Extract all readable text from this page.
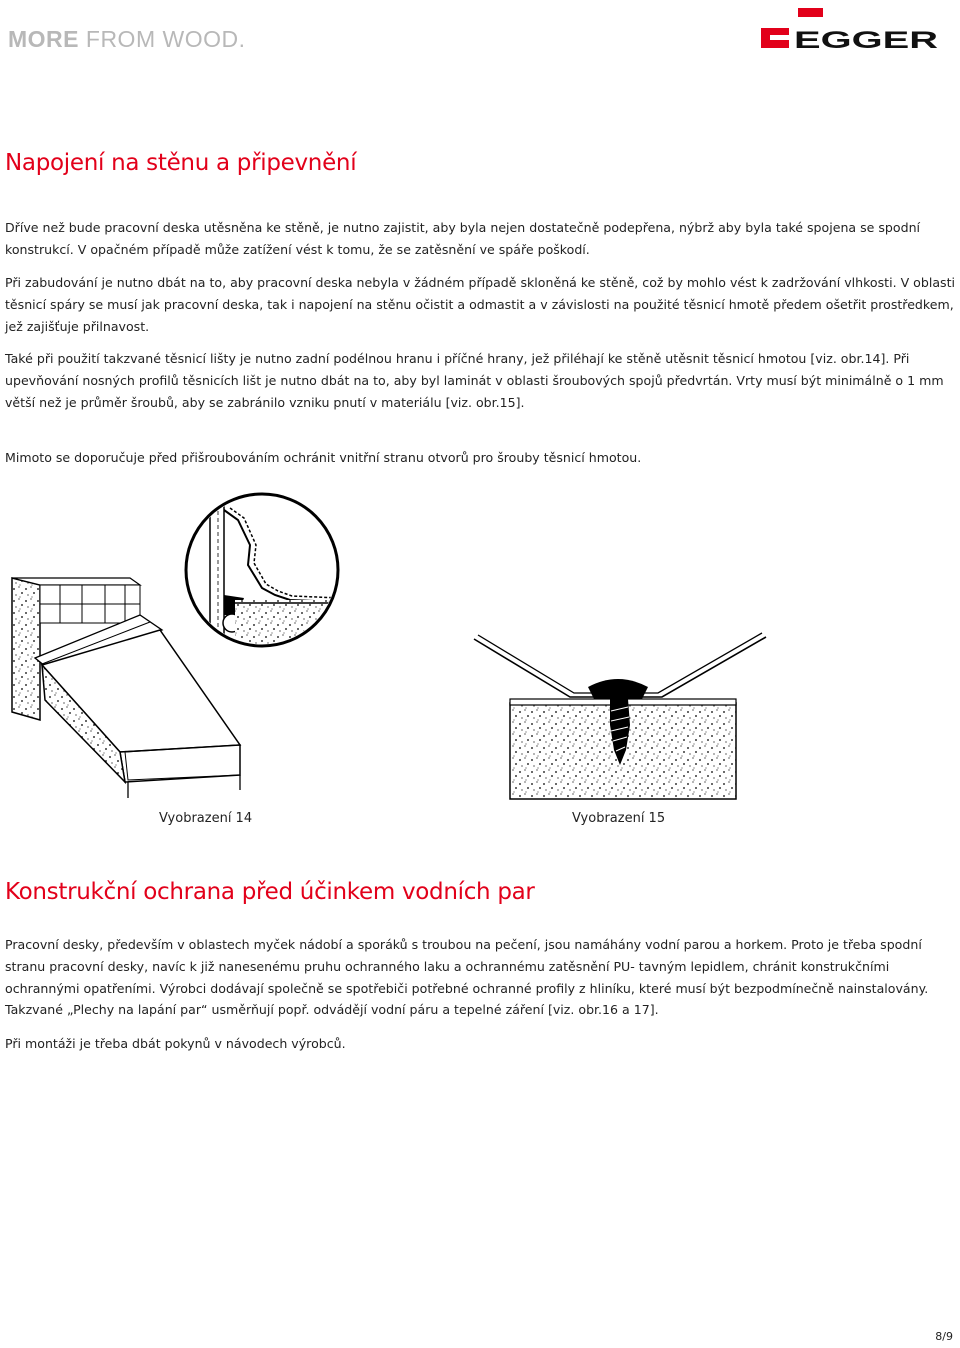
MORE FROM WOOD.	EGGER
Napojení na stěnu a připevnění
Dříve než bude pracovní deska utěsněna ke stěně, je nutno zajistit, aby byla nejen dostatečně podepřena, nýbrž aby byla také spojena se spodní
konstrukcí. V opačném případě může zatížení vést k tomu, že se zatěsnění ve spáře poškodí.
Při zabudování je nutno dbát na to, aby pracovní deska nebyla v žádném případě skloněná ke stěně, což by mohlo vést k zadržování vlhkosti. V oblasti
těsnicí spáry se musí jak pracovní deska, tak i napojení na stěnu očistit a odmastit a v závislosti na použité těsnicí hmotě předem ošetřit prostředkem,
jež zajišťuje přilnavost.
Také při použití takzvané těsnicí lišty je nutno zadní podélnou hranu i příčné hrany, jež přiléhají ke stěně utěsnit těsnicí hmotou [viz. obr.14]. Při
upevňování nosných profilů těsnicích lišt je nutno dbát na to, aby byl laminát v oblasti šroubových spojů předvrtán. Vrty musí být minimálně o 1 mm
větší než je průměr šroubů, aby se zabránilo vzniku pnutí v materiálu [viz. obr.15].
Mimoto se doporučuje před přišroubováním ochránit vnitřní stranu otvorů pro šrouby těsnicí hmotou.
Vyobrazení 14	Vyobrazení 15
Konstrukční ochrana před účinkem vodních par
Pracovní desky, především v oblastech myček nádobí a sporáků s troubou na pečení, jsou namáhány vodní parou a horkem. Proto je třeba spodní
stranu pracovní desky, navíc k již nanesenému pruhu ochranného laku a ochrannému zatěsnění PU- tavným lepidlem, chránit konstrukčními
ochrannými opatřeními. Výrobci dodávají společně se spotřebiči potřebné ochranné profily z hliníku, které musí být bezpodmínečně nainstalovány.
Takzvané „Plechy na lapání par“ usměrňují popř. odvádějí vodní páru a tepelné záření [viz. obr.16 a 17].
Při montáži je třeba dbát pokynů v návodech výrobců.
8/9
